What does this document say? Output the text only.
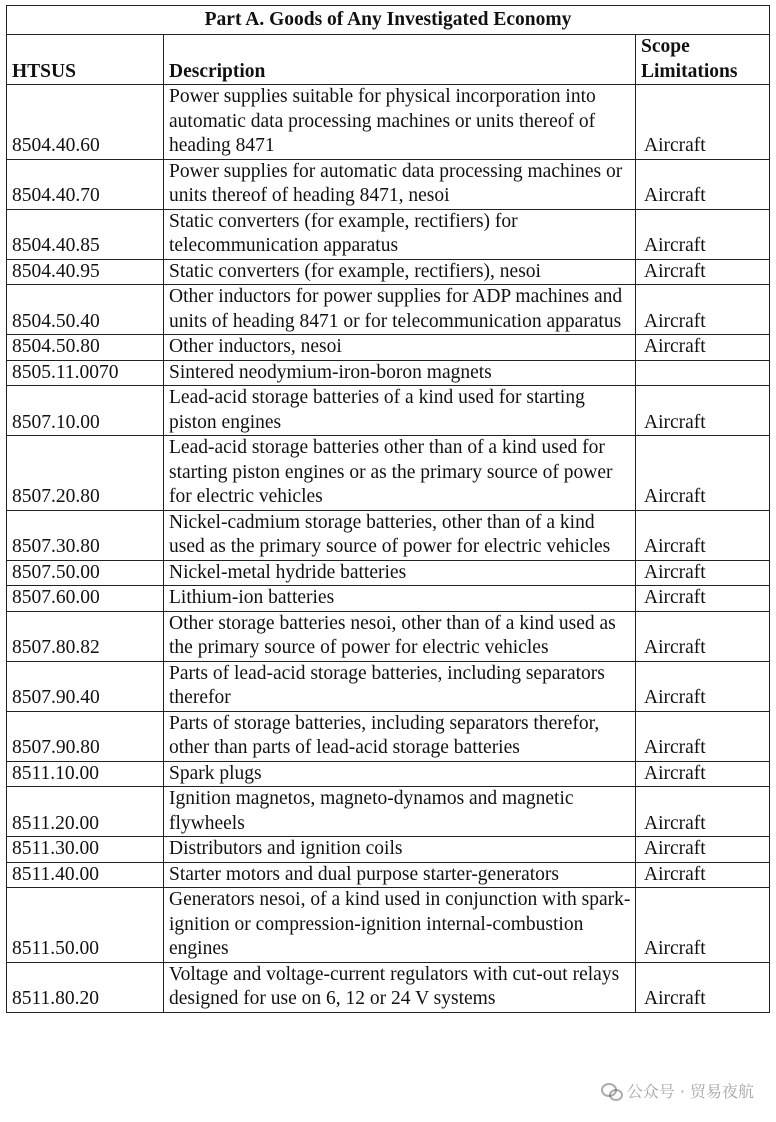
Part A. Goods of Any Investigated Economy		
HTSUS	Description	Scope Limitations
8504.40.60	Power supplies suitable for physical incorporation into automatic data processing machines or units thereof of heading 8471	Aircraft
8504.40.70	Power supplies for automatic data processing machines or units thereof of heading 8471, nesoi	Aircraft
8504.40.85	Static converters (for example, rectifiers) for telecommunication apparatus	Aircraft
8504.40.95	Static converters (for example, rectifiers), nesoi	Aircraft
8504.50.40	Other inductors for power supplies for ADP machines and units of heading 8471 or for telecommunication apparatus	Aircraft
8504.50.80	Other inductors, nesoi	Aircraft
8505.11.0070	Sintered neodymium-iron-boron magnets	
8507.10.00	Lead-acid storage batteries of a kind used for starting piston engines	Aircraft
8507.20.80	Lead-acid storage batteries other than of a kind used for starting piston engines or as the primary source of power for electric vehicles	Aircraft
8507.30.80	Nickel-cadmium storage batteries, other than of a kind used as the primary source of power for electric vehicles	Aircraft
8507.50.00	Nickel-metal hydride batteries	Aircraft
8507.60.00	Lithium-ion batteries	Aircraft
8507.80.82	Other storage batteries nesoi, other than of a kind used as the primary source of power for electric vehicles	Aircraft
8507.90.40	Parts of lead-acid storage batteries, including separators therefor	Aircraft
8507.90.80	Parts of storage batteries, including separators therefor, other than parts of lead-acid storage batteries	Aircraft
8511.10.00	Spark plugs	Aircraft
8511.20.00	Ignition magnetos, magneto-dynamos and magnetic flywheels	Aircraft
8511.30.00	Distributors and ignition coils	Aircraft
8511.40.00	Starter motors and dual purpose starter-generators	Aircraft
8511.50.00	Generators nesoi, of a kind used in conjunction with spark-ignition or compression-ignition internal-combustion engines	Aircraft
8511.80.20	Voltage and voltage-current regulators with cut-out relays designed for use on 6, 12 or 24 V systems	Aircraft
公众号 · 贸易夜航
